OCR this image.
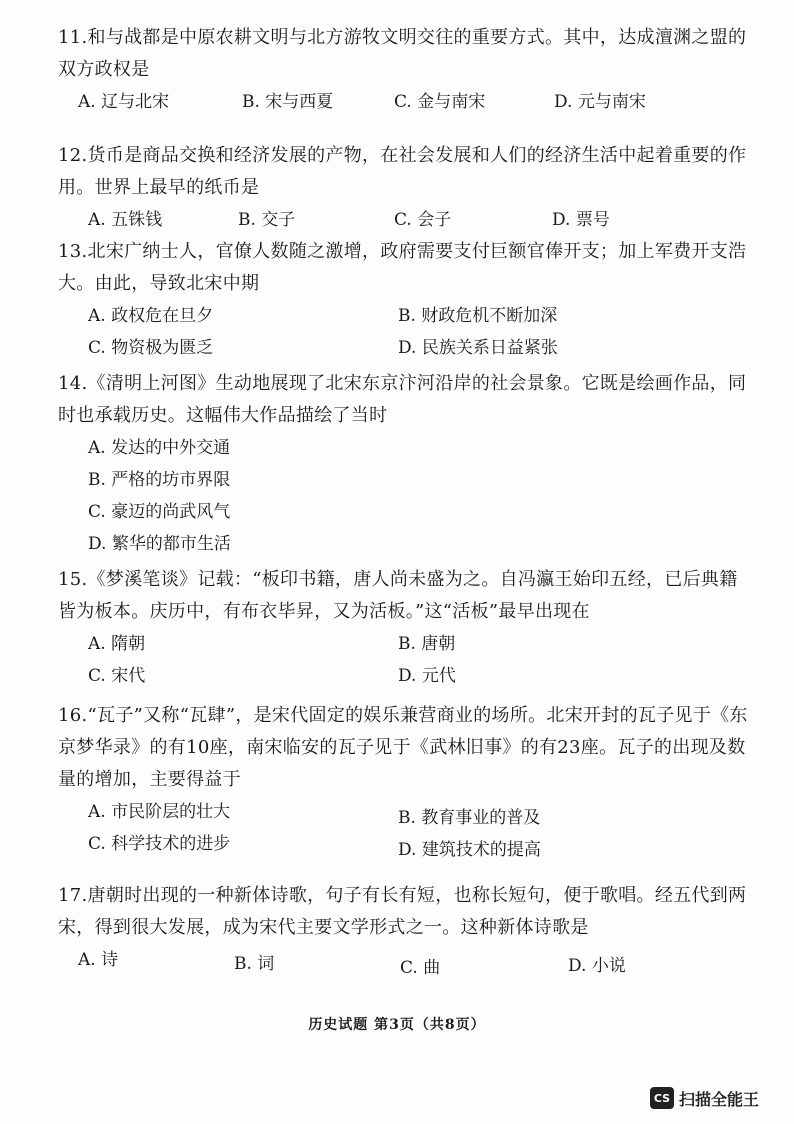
11.和与战都是中原农耕文明与北方游牧文明交往的重要方式。其中，达成澶渊之盟的双方政权是

A. 辽与北宋	B. 宋与西夏	C. 金与南宋	D. 元与南宋

12.货币是商品交换和经济发展的产物，在社会发展和人们的经济生活中起着重要的作用。世界上最早的纸币是

A. 五铢钱	B. 交子	C. 会子	D. 票号

13.北宋广纳士人，官僚人数随之激增，政府需要支付巨额官俸开支；加上军费开支浩大。由此，导致北宋中期

A. 政权危在旦夕	B. 财政危机不断加深
C. 物资极为匮乏	D. 民族关系日益紧张

14.《清明上河图》生动地展现了北宋东京汴河沿岸的社会景象。它既是绘画作品，同时也承载历史。这幅伟大作品描绘了当时

A. 发达的中外交通
B. 严格的坊市界限
C. 豪迈的尚武风气
D. 繁华的都市生活

15.《梦溪笔谈》记载：“板印书籍，唐人尚未盛为之。自冯瀛王始印五经，已后典籍皆为板本。庆历中，有布衣毕昇，又为活板。”这“活板”最早出现在

A. 隋朝	B. 唐朝
C. 宋代	D. 元代

16.“瓦子”又称“瓦肆”，是宋代固定的娱乐兼营商业的场所。北宋开封的瓦子见于《东京梦华录》的有10座，南宋临安的瓦子见于《武林旧事》的有23座。瓦子的出现及数量的增加，主要得益于

A. 市民阶层的壮大	B. 教育事业的普及
C. 科学技术的进步	D. 建筑技术的提高

17.唐朝时出现的一种新体诗歌，句子有长有短，也称长短句，便于歌唱。经五代到两宋，得到很大发展，成为宋代主要文学形式之一。这种新体诗歌是

A. 诗	B. 词	C. 曲	D. 小说
历史试题 第3页（共8页）
CS 扫描全能王
